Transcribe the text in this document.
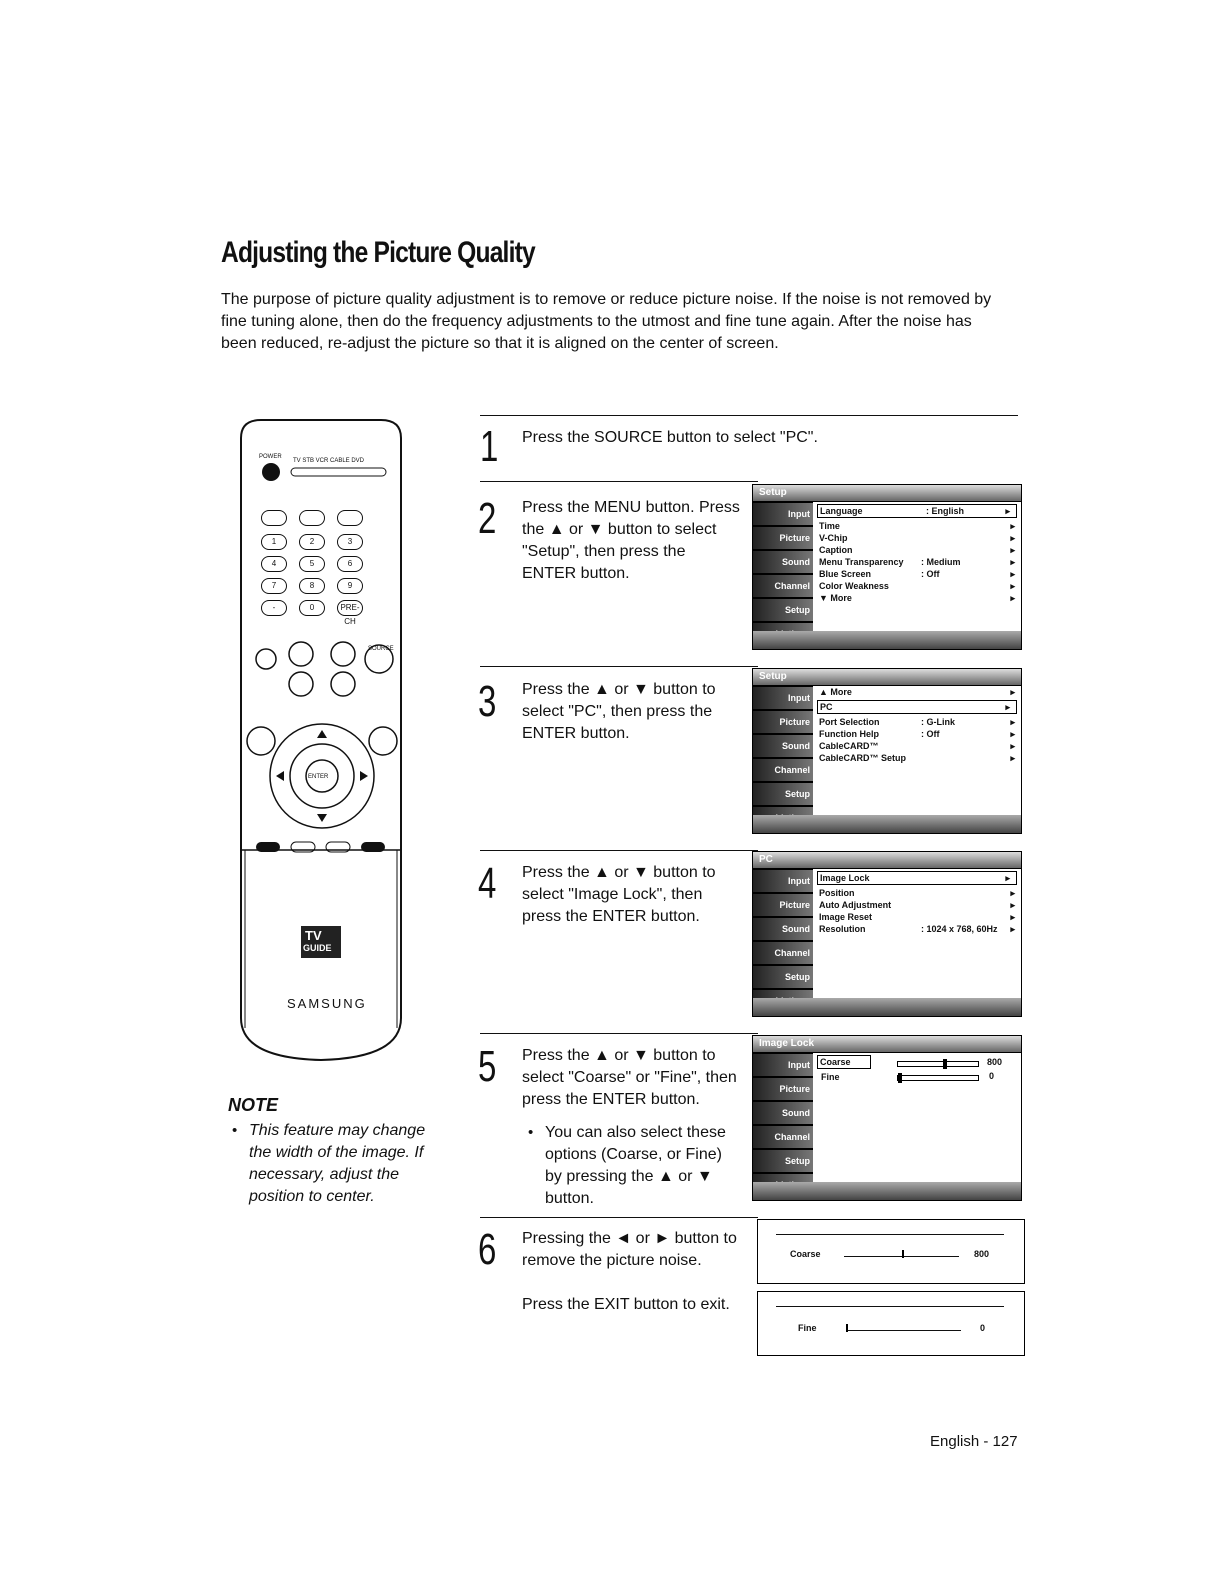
Adjusting the Picture Quality
The purpose of picture quality adjustment is to remove or reduce picture noise. If the noise is not removed by fine tuning alone, then do the frequency adjustments to the utmost and fine tune again. After the noise has been reduced, re-adjust the picture so that it is aligned on the center of screen.
POWER
TV STB VCR CABLE DVD
1	2	3
4	5	6
7	8	9
-	0	PRE-CH
ENTER
SOURCE
TV
GUIDE
SAMSUNG
NOTE
• This feature may change the width of the image. If necessary, adjust the position to center.
1 Press the SOURCE button to select "PC".
2 Press the MENU button. Press the ▲ or ▼ button to select "Setup", then press the ENTER button.
3 Press the ▲ or ▼ button to select "PC", then press the ENTER button.
4 Press the ▲ or ▼ button to select "Image Lock", then press the ENTER button.
5 Press the ▲ or ▼ button to select "Coarse" or "Fine", then press the ENTER button.
• You can also select these options (Coarse, or Fine) by pressing the ▲ or ▼ button.
6 Pressing the ◄ or ► button to remove the picture noise.
Press the EXIT button to exit.
Setup
Input
Picture
Sound
Channel
Setup
Language	: English	▸
Time	▸
V-Chip	▸
Caption	▸
Menu Transparency : Medium	▸
Blue Screen	: Off	▸
Color Weakness	▸
▼ More	▸
Setup
Input
Picture
Sound
Channel
Setup
▲ More	▸
PC	▸
Port Selection	: G-Link	▸
Function Help	: Off	▸
CableCARD™	▸
CableCARD™ Setup	▸
PC
Input
Picture
Sound
Channel
Setup
Image Lock	▸
Position	▸
Auto Adjustment	▸
Image Reset	▸
Resolution	: 1024 x 768, 60Hz ▸
Image Lock
Input
Picture
Sound
Channel
Setup
Coarse	800
Fine	0
Coarse	800
Fine	0
English - 127
